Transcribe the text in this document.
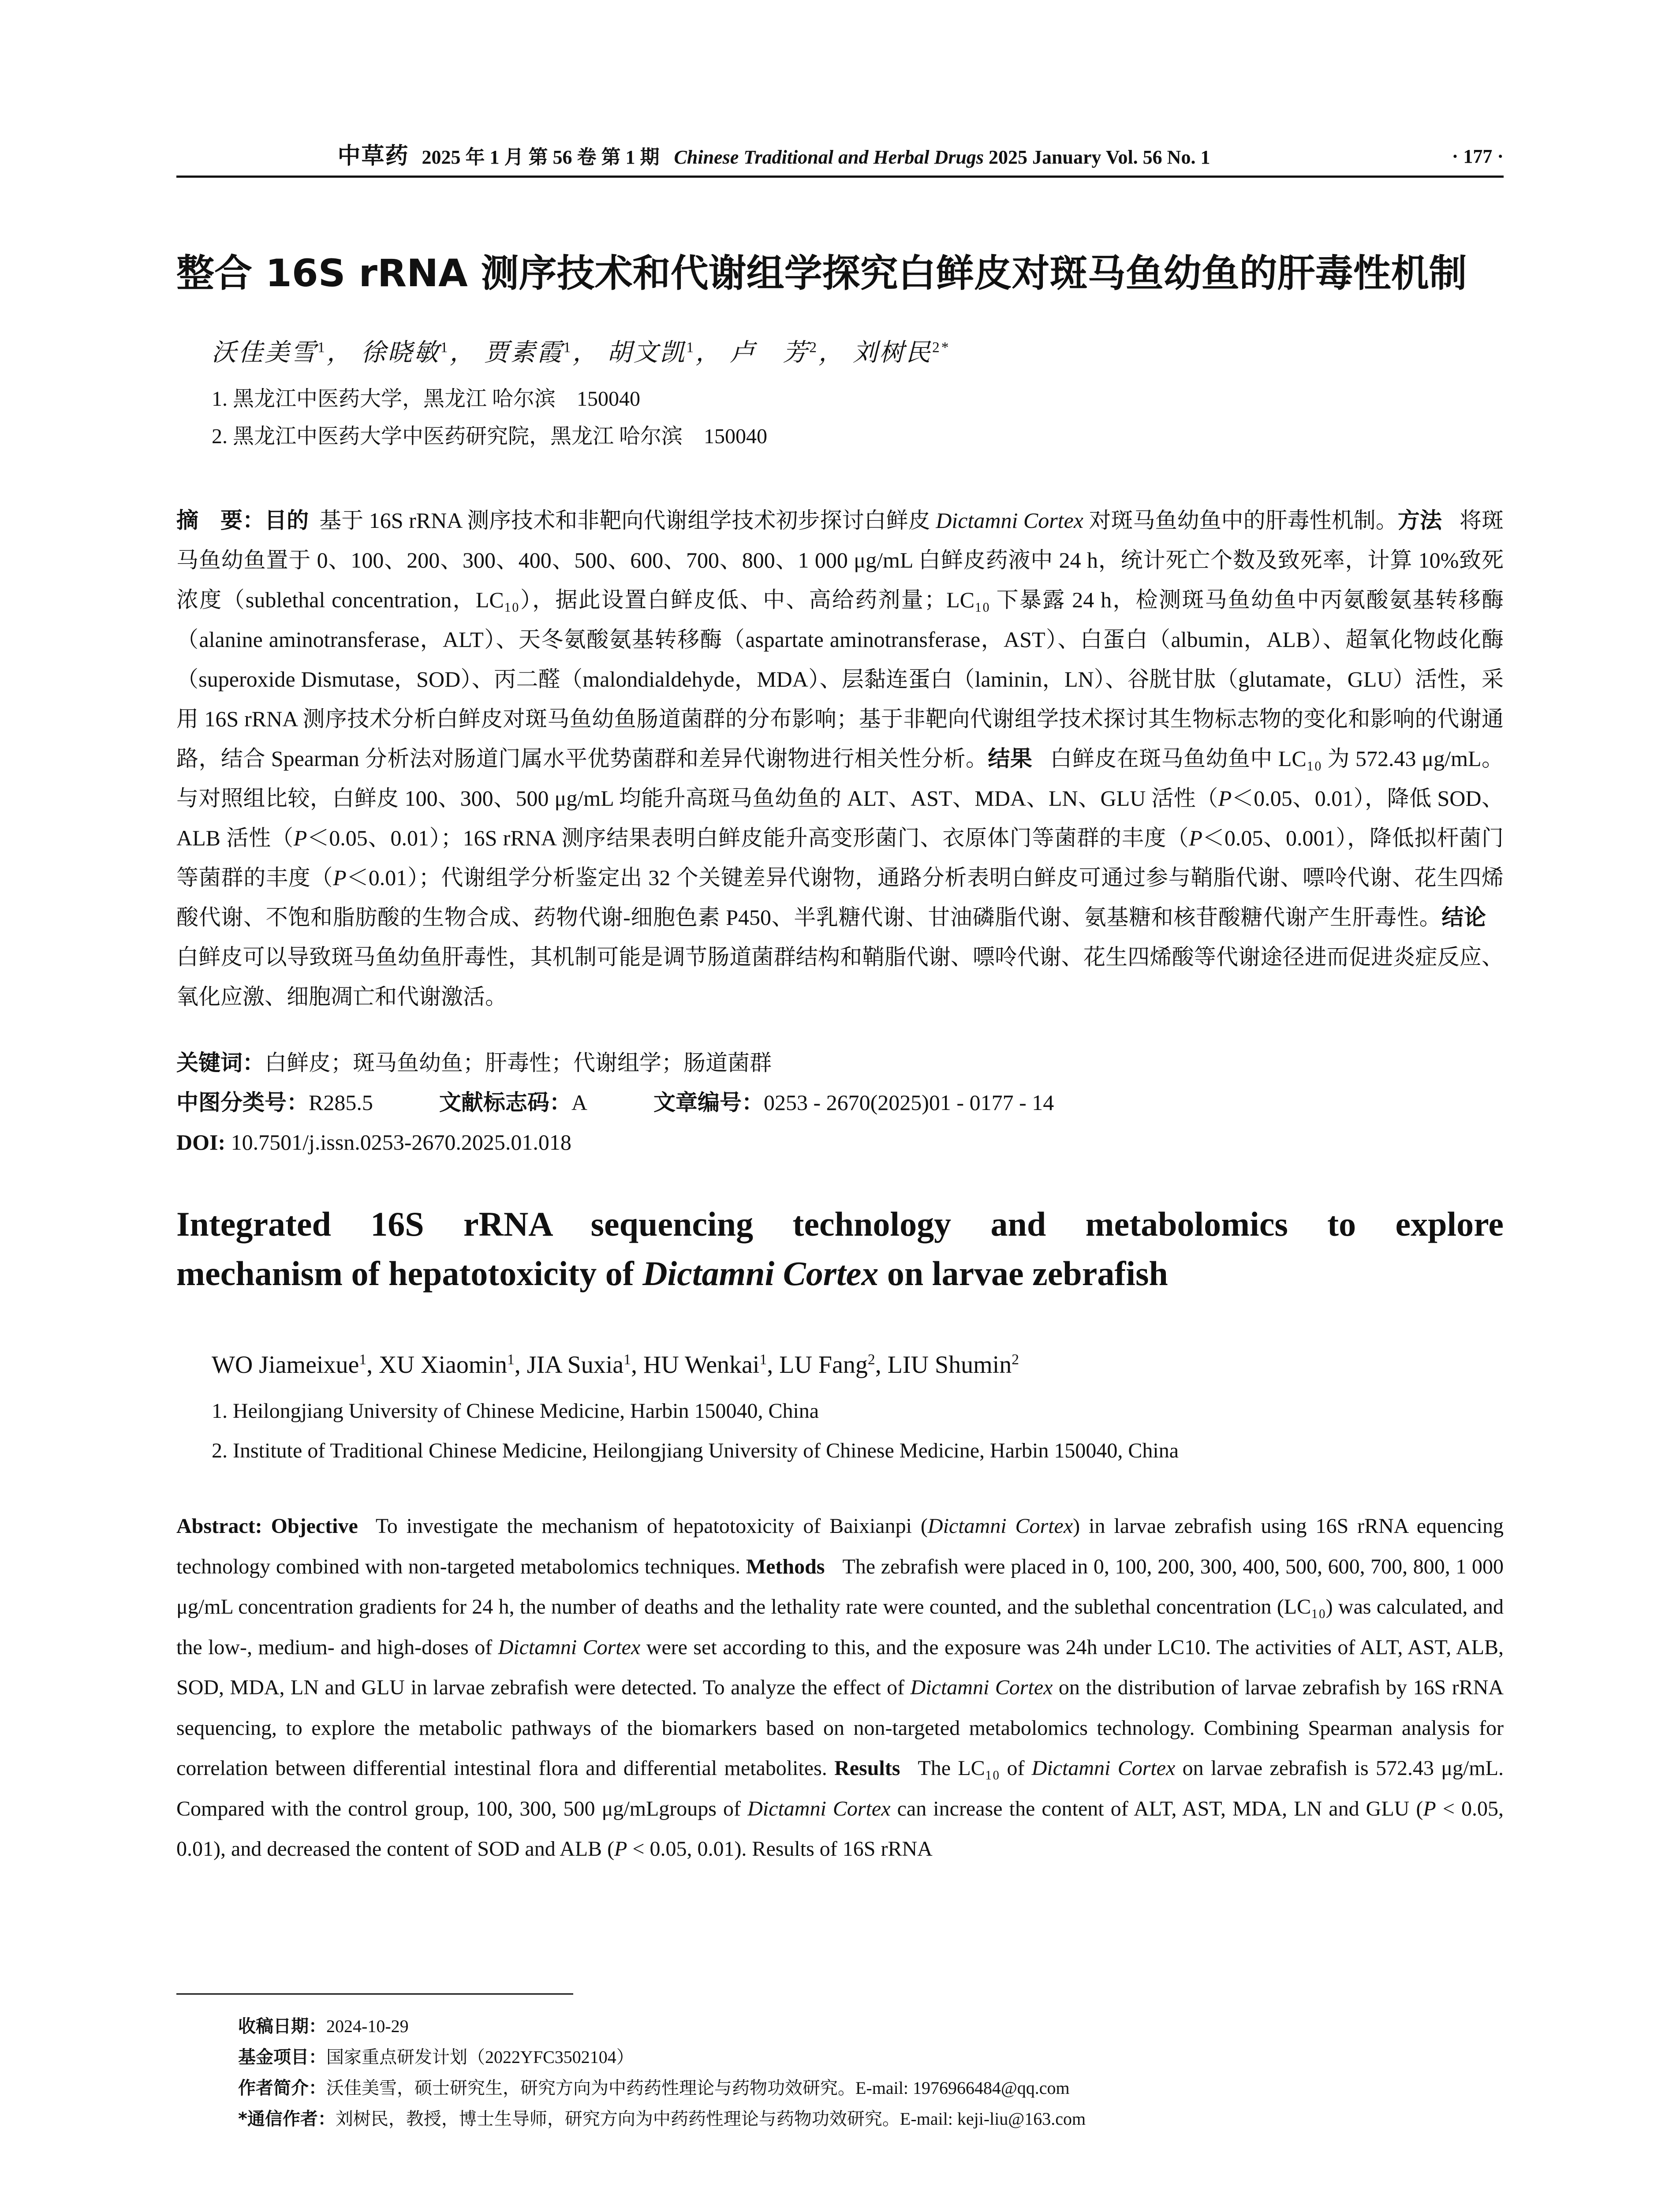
中草药 2025 年 1 月 第 56 卷 第 1 期 Chinese Traditional and Herbal Drugs 2025 January Vol. 56 No. 1	· 177 ·
整合 16S rRNA 测序技术和代谢组学探究白鲜皮对斑马鱼幼鱼的肝毒性机制
沃佳美雪$^1$， 徐晓敏$^1$， 贾素霞$^1$， 胡文凯$^1$， 卢　芳$^2$， 刘树民$^{2*}$
1. 黑龙江中医药大学，黑龙江 哈尔滨　150040
2. 黑龙江中医药大学中医药研究院，黑龙江 哈尔滨　150040
摘　要：目的 基于 16S rRNA 测序技术和非靶向代谢组学技术初步探讨白鲜皮 Dictamni Cortex 对斑马鱼幼鱼中的肝毒性机制。方法 将斑马鱼幼鱼置于 0、100、200、300、400、500、600、700、800、1 000 μg/mL 白鲜皮药液中 24 h，统计死亡个数及致死率，计算 10%致死浓度（sublethal concentration，LC₁₀），据此设置白鲜皮低、中、高给药剂量；LC₁₀ 下暴露 24 h，检测斑马鱼幼鱼中丙氨酸氨基转移酶（alanine aminotransferase，ALT）、天冬氨酸氨基转移酶（aspartate aminotransferase，AST）、白蛋白（albumin，ALB）、超氧化物歧化酶（superoxide Dismutase，SOD）、丙二醛（malondialdehyde，MDA）、层黏连蛋白（laminin，LN）、谷胱甘肽（glutamate，GLU）活性，采用 16S rRNA 测序技术分析白鲜皮对斑马鱼幼鱼肠道菌群的分布影响；基于非靶向代谢组学技术探讨其生物标志物的变化和影响的代谢通路，结合 Spearman 分析法对肠道门属水平优势菌群和差异代谢物进行相关性分析。结果 白鲜皮在斑马鱼幼鱼中 LC₁₀ 为 572.43 μg/mL。与对照组比较，白鲜皮 100、300、500 μg/mL 均能升高斑马鱼幼鱼的 ALT、AST、MDA、LN、GLU 活性（P＜0.05、0.01），降低 SOD、ALB 活性（P＜0.05、0.01）；16S rRNA 测序结果表明白鲜皮能升高变形菌门、衣原体门等菌群的丰度（P＜0.05、0.001），降低拟杆菌门等菌群的丰度（P＜0.01）；代谢组学分析鉴定出 32 个关键差异代谢物，通路分析表明白鲜皮可通过参与鞘脂代谢、嘌呤代谢、花生四烯酸代谢、不饱和脂肪酸的生物合成、药物代谢-细胞色素 P450、半乳糖代谢、甘油磷脂代谢、氨基糖和核苷酸糖代谢产生肝毒性。结论白鲜皮可以导致斑马鱼幼鱼肝毒性，其机制可能是调节肠道菌群结构和鞘脂代谢、嘌呤代谢、花生四烯酸等代谢途径进而促进炎症反应、氧化应激、细胞凋亡和代谢激活。
关键词：白鲜皮；斑马鱼幼鱼；肝毒性；代谢组学；肠道菌群
中图分类号：R285.5	文献标志码：A	文章编号：0253 - 2670(2025)01 - 0177 - 14
DOI: 10.7501/j.issn.0253-2670.2025.01.018
Integrated 16S rRNA sequencing technology and metabolomics to explore
mechanism of hepatotoxicity of Dictamni Cortex on larvae zebrafish
WO Jiameixue$^1$, XU Xiaomin$^1$, JIA Suxia$^1$, HU Wenkai$^1$, LU Fang$^2$, LIU Shumin$^2$
1. Heilongjiang University of Chinese Medicine, Harbin 150040, China
2. Institute of Traditional Chinese Medicine, Heilongjiang University of Chinese Medicine, Harbin 150040, China
Abstract: Objective To investigate the mechanism of hepatotoxicity of Baixianpi (Dictamni Cortex) in larvae zebrafish using 16S rRNA equencing technology combined with non-targeted metabolomics techniques. Methods The zebrafish were placed in 0, 100, 200, 300, 400, 500, 600, 700, 800, 1 000 μg/mL concentration gradients for 24 h, the number of deaths and the lethality rate were counted, and the sublethal concentration (LC₁₀) was calculated, and the low-, medium- and high-doses of Dictamni Cortex were set according to this, and the exposure was 24h under LC10. The activities of ALT, AST, ALB, SOD, MDA, LN and GLU in larvae zebrafish were detected. To analyze the effect of Dictamni Cortex on the distribution of larvae zebrafish by 16S rRNA sequencing, to explore the metabolic pathways of the biomarkers based on non-targeted metabolomics technology. Combining Spearman analysis for correlation between differential intestinal flora and differential metabolites. Results The LC₁₀ of Dictamni Cortex on larvae zebrafish is 572.43 μg/mL. Compared with the control group, 100, 300, 500 μg/mLgroups of Dictamni Cortex can increase the content of ALT, AST, MDA, LN and GLU (P < 0.05, 0.01), and decreased the content of SOD and ALB (P < 0.05, 0.01). Results of 16S rRNA
收稿日期：2024-10-29
基金项目：国家重点研发计划（2022YFC3502104）
作者简介：沃佳美雪，硕士研究生，研究方向为中药药性理论与药物功效研究。E-mail: 1976966484@qq.com
*通信作者：刘树民，教授，博士生导师，研究方向为中药药性理论与药物功效研究。E-mail: keji-liu@163.com
